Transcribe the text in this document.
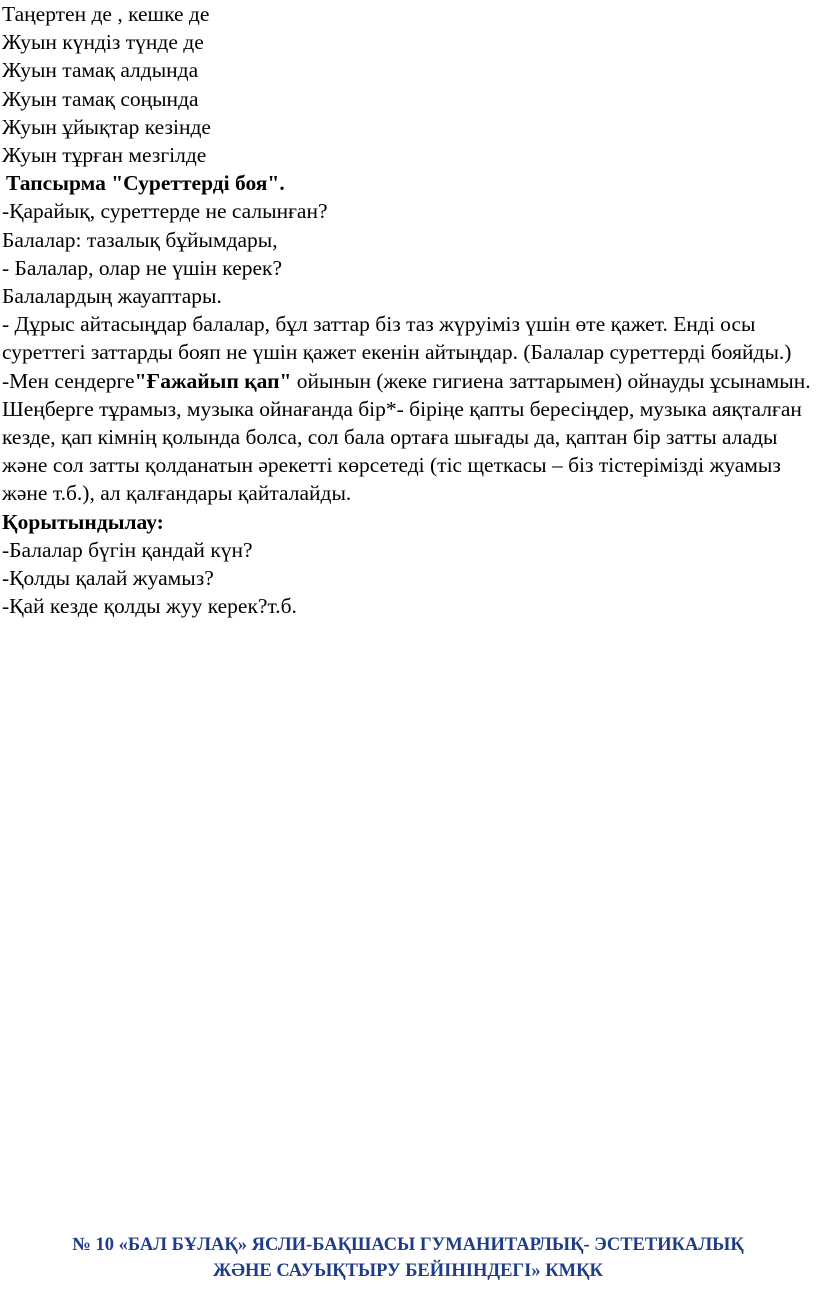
Таңертен де , кешке де
Жуын күндіз түнде де
Жуын тамақ алдында
Жуын тамақ соңында
Жуын ұйықтар кезінде
Жуын тұрған мезгілде
Тапсырма "Суреттерді боя".
-Қарайық, суреттерде не салынған?
Балалар: тазалық бұйымдары,
- Балалар, олар не үшін керек?
Балалардың жауаптары.
- Дұрыс айтасыңдар балалар, бұл заттар біз таз жүруіміз үшін өте қажет. Енді осы суреттегі заттарды бояп не үшін қажет екенін айтыңдар. (Балалар суреттерді бояйды.)
-Мен сендерге"Ғажайып қап" ойынын (жеке гигиена заттарымен) ойнауды ұсынамын. Шеңберге тұрамыз, музыка ойнағанда бір*- біріңе қапты бересіңдер, музыка аяқталған кезде, қап кімнің қолында болса, сол бала ортаға шығады да, қаптан бір затты алады және сол затты қолданатын әрекетті көрсетеді (тіс щеткасы – біз тістерімізді жуамыз және т.б.), ал қалғандары қайталайды.
Қорытындылау:
-Балалар бүгін қандай күн?
-Қолды қалай жуамыз?
-Қай кезде қолды жуу керек?т.б.
№ 10 «БАЛ БҰЛАҚ» ЯСЛИ-БАҚШАСЫ ГУМАНИТАРЛЫҚ- ЭСТЕТИКАЛЫҚ
ЖӘНЕ САУЫҚТЫРУ БЕЙІНІНДЕГІ» КМҚК
